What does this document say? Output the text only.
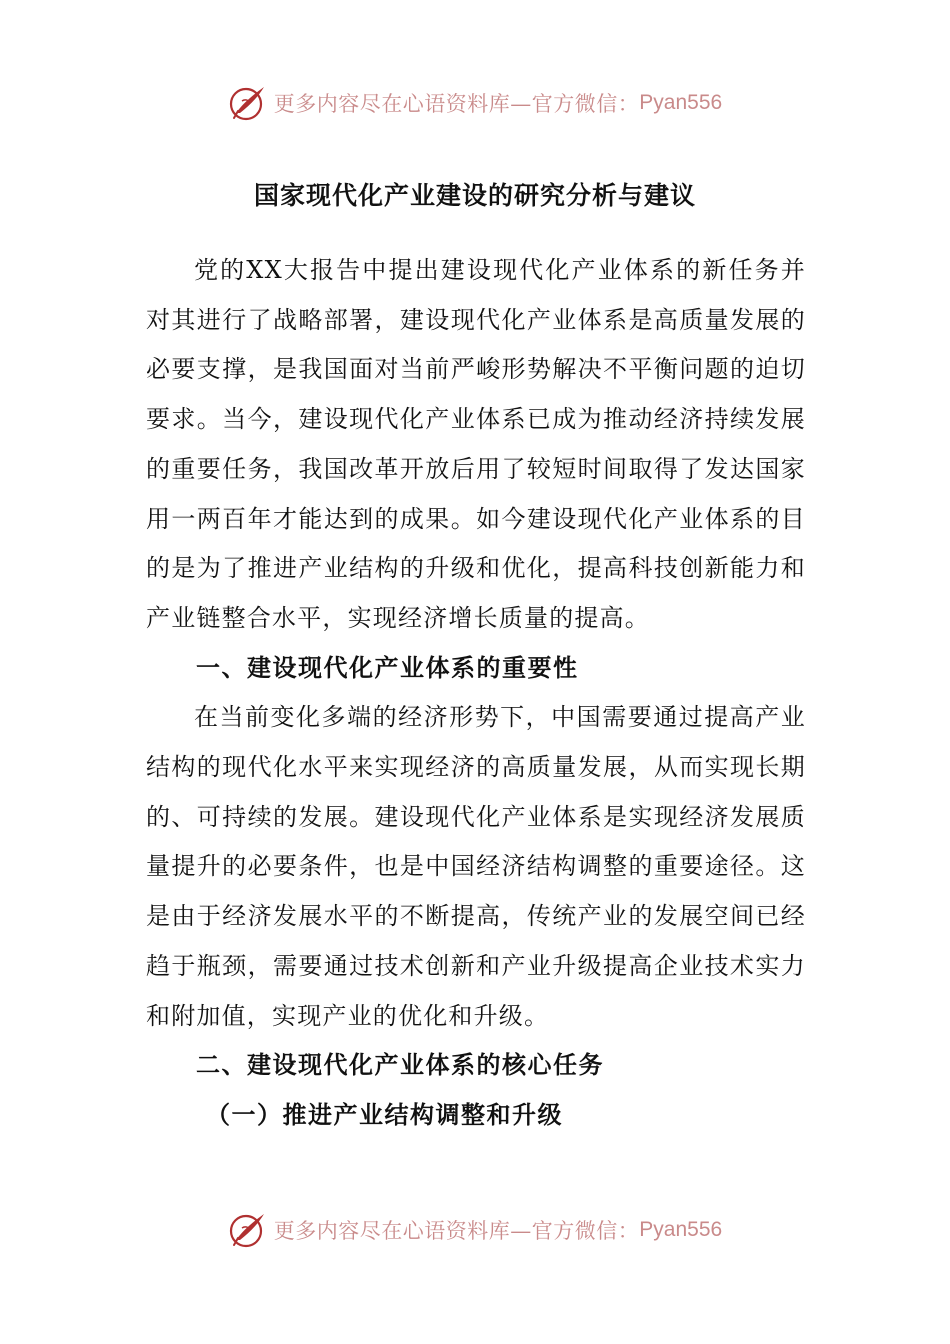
更多内容尽在心语资料库—官方微信： Pyan556
国家现代化产业建设的研究分析与建议

党的XX大报告中提出建设现代化产业体系的新任务并对其进行了战略部署，建设现代化产业体系是高质量发展的必要支撑，是我国面对当前严峻形势解决不平衡问题的迫切要求。当今，建设现代化产业体系已成为推动经济持续发展的重要任务，我国改革开放后用了较短时间取得了发达国家用一两百年才能达到的成果。如今建设现代化产业体系的目的是为了推进产业结构的升级和优化，提高科技创新能力和产业链整合水平，实现经济增长质量的提高。

一、建设现代化产业体系的重要性

在当前变化多端的经济形势下，中国需要通过提高产业结构的现代化水平来实现经济的高质量发展，从而实现长期的、可持续的发展。建设现代化产业体系是实现经济发展质量提升的必要条件，也是中国经济结构调整的重要途径。这是由于经济发展水平的不断提高，传统产业的发展空间已经趋于瓶颈，需要通过技术创新和产业升级提高企业技术实力和附加值，实现产业的优化和升级。

二、建设现代化产业体系的核心任务

（一）推进产业结构调整和升级

更多内容尽在心语资料库—官方微信： Pyan556
